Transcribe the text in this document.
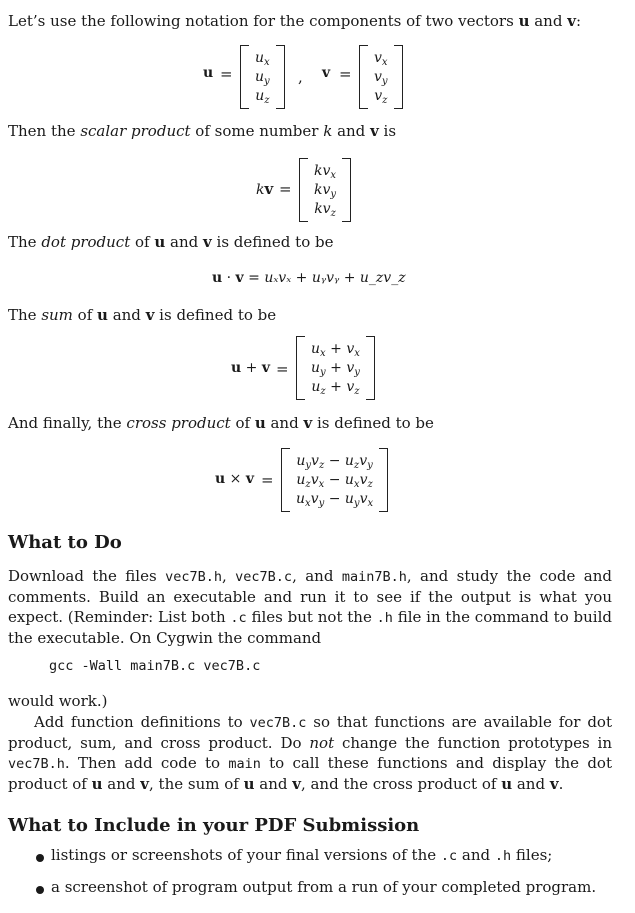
Let’s use the following notation for the components of two vectors u and v:
u =
$u_x$
$u_y$
$u_z$
, v =
$v_x$
$v_y$
$v_z$
Then the scalar product of some number k and v is
kv =
$kv_x$
$kv_y$
$kv_z$
The dot product of u and v is defined to be
u · v = uₓvₓ + uᵧvᵧ + u_zv_z
The sum of u and v is defined to be
u + v =
$u_x + v_x$
$u_y + v_y$
$u_z + v_z$
And finally, the cross product of u and v is defined to be
u × v =
$u_yv_z - u_zv_y$
$u_zv_x - u_xv_z$
$u_xv_y - u_yv_x$
What to Do
Download the files vec7B.h, vec7B.c, and main7B.h, and study the code and comments. Build an executable and run it to see if the output is what you expect. (Reminder: List both .c files but not the .h file in the command to build the executable. On Cygwin the command
gcc -Wall main7B.c vec7B.c
would work.)
Add function definitions to vec7B.c so that functions are available for dot product, sum, and cross product. Do not change the function prototypes in vec7B.h. Then add code to main to call these functions and display the dot product of u and v, the sum of u and v, and the cross product of u and v.
What to Include in your PDF Submission
listings or screenshots of your final versions of the .c and .h files;
a screenshot of program output from a run of your completed program.
